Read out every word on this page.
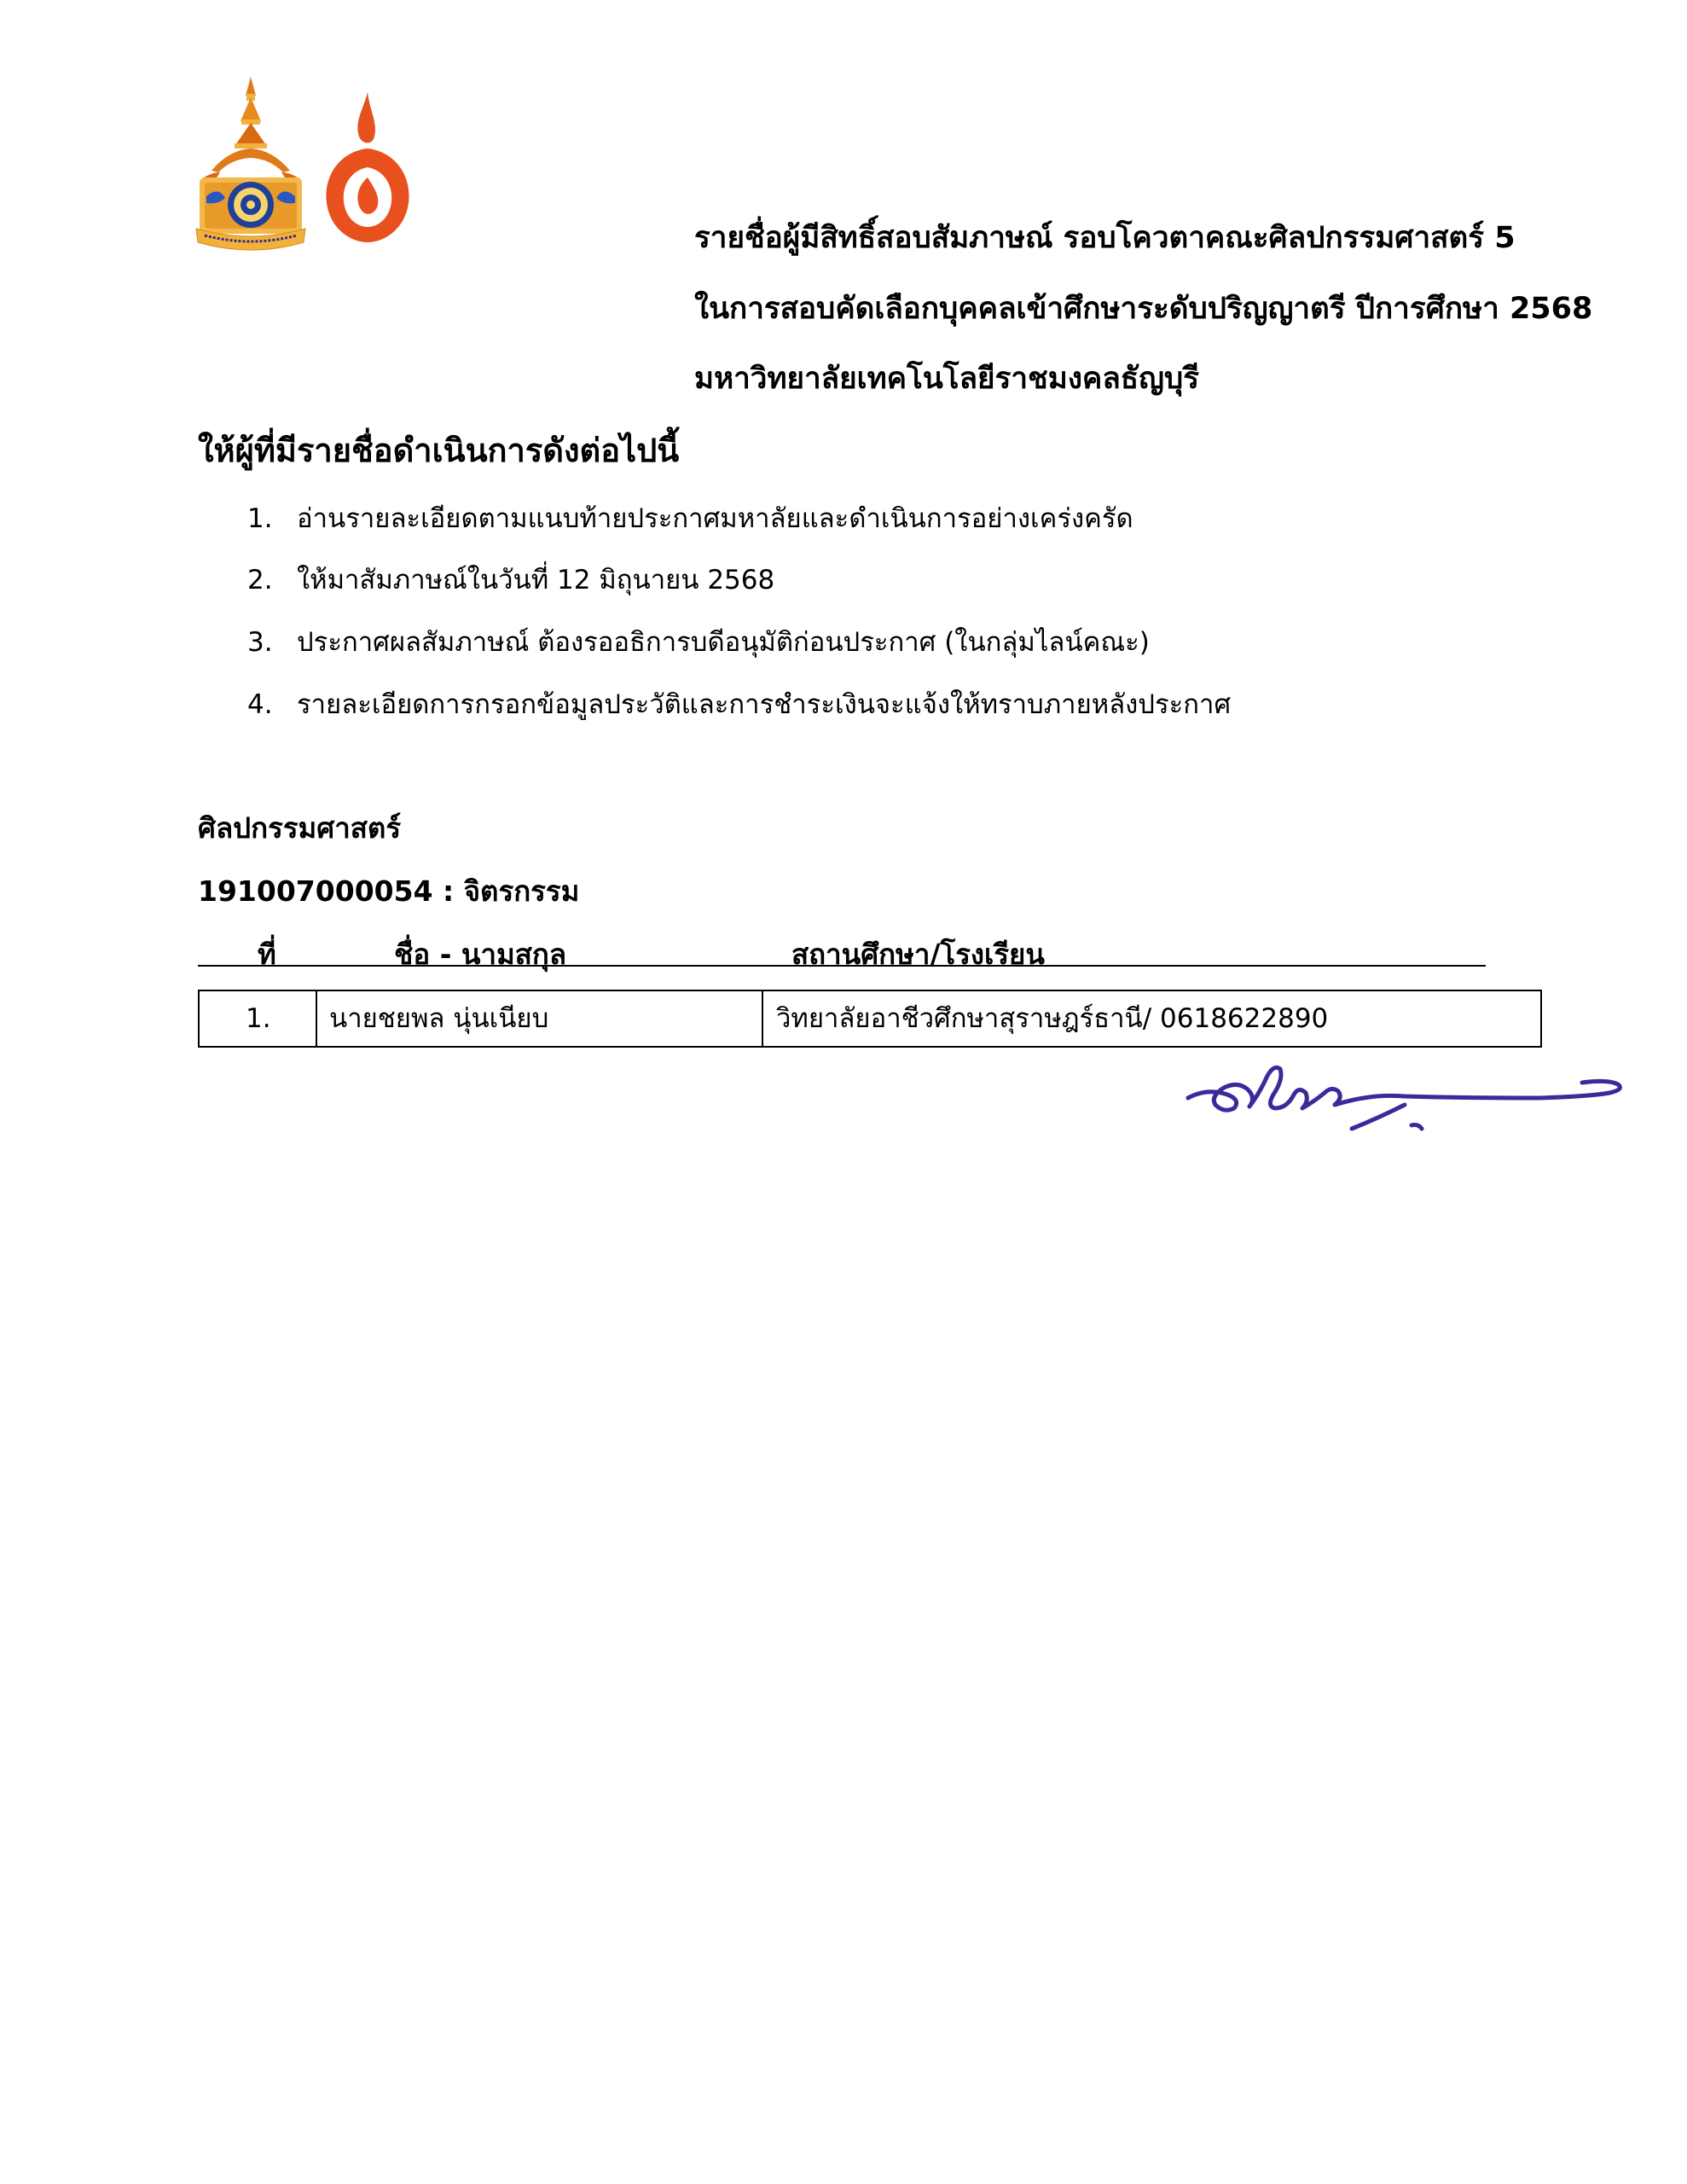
รายชื่อผู้มีสิทธิ์สอบสัมภาษณ์ รอบโควตาคณะศิลปกรรมศาสตร์ 5
ในการสอบคัดเลือกบุคคลเข้าศึกษาระดับปริญญาตรี ปีการศึกษา 2568
มหาวิทยาลัยเทคโนโลยีราชมงคลธัญบุรี
ให้ผู้ที่มีรายชื่อดำเนินการดังต่อไปนี้
1. อ่านรายละเอียดตามแนบท้ายประกาศมหาลัยและดำเนินการอย่างเคร่งครัด
2. ให้มาสัมภาษณ์ในวันที่ 12 มิถุนายน 2568
3. ประกาศผลสัมภาษณ์ ต้องรออธิการบดีอนุมัติก่อนประกาศ (ในกลุ่มไลน์คณะ)
4. รายละเอียดการกรอกข้อมูลประวัติและการชำระเงินจะแจ้งให้ทราบภายหลังประกาศ
ศิลปกรรมศาสตร์
191007000054 : จิตรกรรม
ที่	ชื่อ - นามสกุล	สถานศึกษา/โรงเรียน
1. นายชยพล นุ่นเนียบ	วิทยาลัยอาชีวศึกษาสุราษฎร์ธานี/ 0618622890
